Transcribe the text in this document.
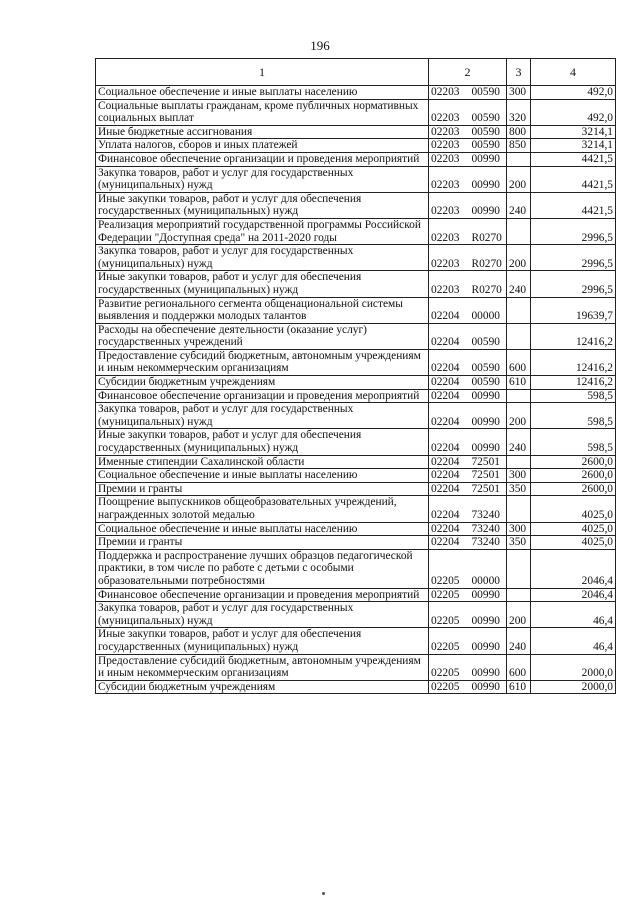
196
1	2	3	4
Социальное обеспечение и иные выплаты населению	02203 00590	300	492,0
Социальные выплаты гражданам, кроме публичных нормативных социальных выплат	02203 00590	320	492,0
Иные бюджетные ассигнования	02203 00590	800	3214,1
Уплата налогов, сборов и иных платежей	02203 00590	850	3214,1
Финансовое обеспечение организации и проведения мероприятий	02203 00990		4421,5
Закупка товаров, работ и услуг для государственных (муниципальных) нужд	02203 00990	200	4421,5
Иные закупки товаров, работ и услуг для обеспечения государственных (муниципальных) нужд	02203 00990	240	4421,5
Реализация мероприятий государственной программы Российской Федерации "Доступная среда" на 2011-2020 годы	02203 R0270		2996,5
Закупка товаров, работ и услуг для государственных (муниципальных) нужд	02203 R0270	200	2996,5
Иные закупки товаров, работ и услуг для обеспечения государственных (муниципальных) нужд	02203 R0270	240	2996,5
Развитие регионального сегмента общенациональной системы выявления и поддержки молодых талантов	02204 00000		19639,7
Расходы на обеспечение деятельности (оказание услуг) государственных учреждений	02204 00590		12416,2
Предоставление субсидий бюджетным, автономным учреждениям и иным некоммерческим организациям	02204 00590	600	12416,2
Субсидии бюджетным учреждениям	02204 00590	610	12416,2
Финансовое обеспечение организации и проведения мероприятий	02204 00990		598,5
Закупка товаров, работ и услуг для государственных (муниципальных) нужд	02204 00990	200	598,5
Иные закупки товаров, работ и услуг для обеспечения государственных (муниципальных) нужд	02204 00990	240	598,5
Именные стипендии Сахалинской области	02204 72501		2600,0
Социальное обеспечение и иные выплаты населению	02204 72501	300	2600,0
Премии и гранты	02204 72501	350	2600,0
Поощрение выпускников общеобразовательных учреждений, награжденных золотой медалью	02204 73240		4025,0
Социальное обеспечение и иные выплаты населению	02204 73240	300	4025,0
Премии и гранты	02204 73240	350	4025,0
Поддержка и распространение лучших образцов педагогической практики, в том числе по работе с детьми с особыми образовательными потребностями	02205 00000		2046,4
Финансовое обеспечение организации и проведения мероприятий	02205 00990		2046,4
Закупка товаров, работ и услуг для государственных (муниципальных) нужд	02205 00990	200	46,4
Иные закупки товаров, работ и услуг для обеспечения государственных (муниципальных) нужд	02205 00990	240	46,4
Предоставление субсидий бюджетным, автономным учреждениям и иным некоммерческим организациям	02205 00990	600	2000,0
Субсидии бюджетным учреждениям	02205 00990	610	2000,0
